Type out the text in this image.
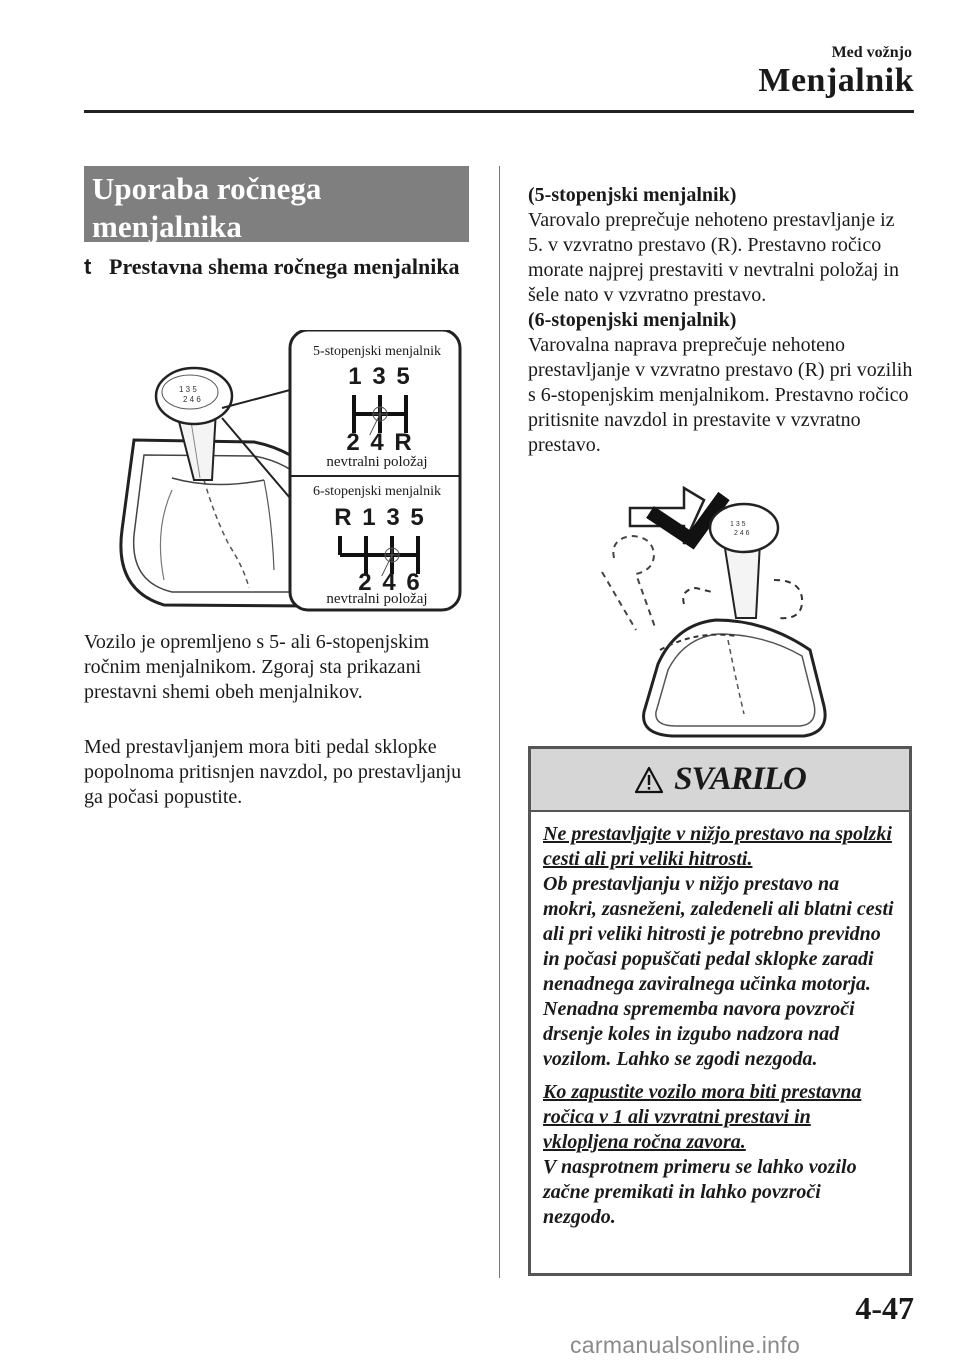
Med vožnjo
Menjalnik
Uporaba ročnega menjalnika
t Prestavna shema ročnega menjalnika
1 3 5
2 4 6
5-stopenjski menjalnik
1 3 5
2 4 R
nevtralni položaj
6-stopenjski menjalnik
R 1 3 5
2 4 6
nevtralni položaj

Vozilo je opremljeno s 5- ali 6-stopenjskim ročnim menjalnikom. Zgoraj sta prikazani prestavni shemi obeh menjalnikov.

Med prestavljanjem mora biti pedal sklopke popolnoma pritisnjen navzdol, po prestavljanju ga počasi popustite.

(5-stopenjski menjalnik)
Varovalo preprečuje nehoteno prestavljanje iz 5. v vzvratno prestavo (R). Prestavno ročico morate najprej prestaviti v nevtralni položaj in šele nato v vzvratno prestavo.
(6-stopenjski menjalnik)
Varovalna naprava preprečuje nehoteno prestavljanje v vzvratno prestavo (R) pri vozilih s 6-stopenjskim menjalnikom. Prestavno ročico pritisnite navzdol in prestavite v vzvratno prestavo.
1 3 5
2 4 6
SVARILO

Ne prestavljajte v nižjo prestavo na spolzki cesti ali pri veliki hitrosti.
Ob prestavljanju v nižjo prestavo na mokri, zasneženi, zaledeneli ali blatni cesti ali pri veliki hitrosti je potrebno previdno in počasi popuščati pedal sklopke zaradi nenadnega zaviralnega učinka motorja. Nenadna sprememba navora povzroči drsenje koles in izgubo nadzora nad vozilom. Lahko se zgodi nezgoda.

Ko zapustite vozilo mora biti prestavna ročica v 1 ali vzvratni prestavi in vklopljena ročna zavora.
V nasprotnem primeru se lahko vozilo začne premikati in lahko povzroči nezgodo.

4-47
carmanualsonline.info
